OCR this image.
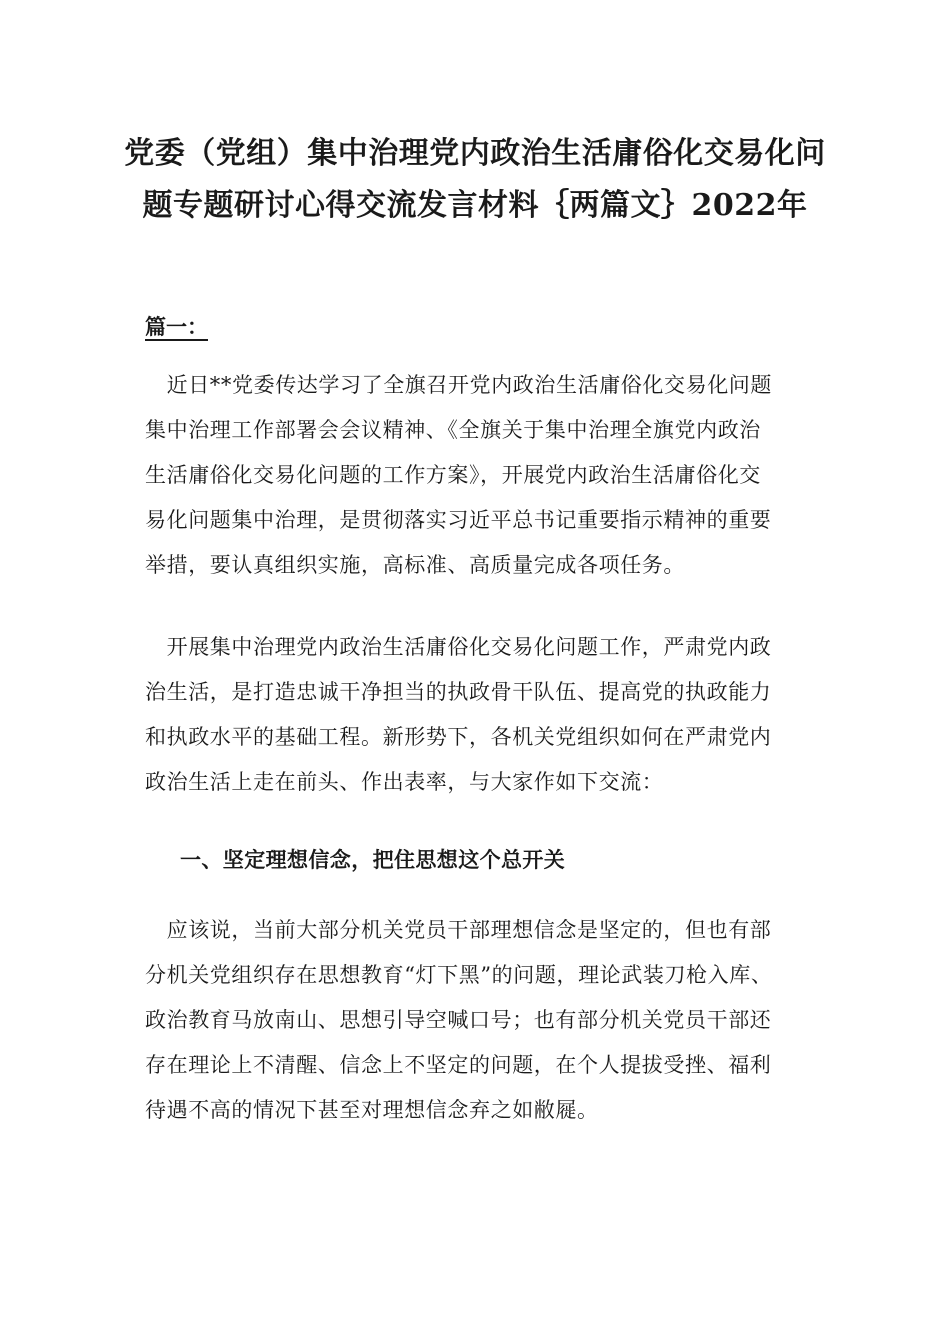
党委（党组）集中治理党内政治生活庸俗化交易化问
题专题研讨心得交流发言材料｛两篇文｝2022年

篇一：

　近日**党委传达学习了全旗召开党内政治生活庸俗化交易化问题
集中治理工作部署会会议精神、《全旗关于集中治理全旗党内政治
生活庸俗化交易化问题的工作方案》，开展党内政治生活庸俗化交
易化问题集中治理，是贯彻落实习近平总书记重要指示精神的重要
举措，要认真组织实施，高标准、高质量完成各项任务。
　开展集中治理党内政治生活庸俗化交易化问题工作，严肃党内政
治生活，是打造忠诚干净担当的执政骨干队伍、提高党的执政能力
和执政水平的基础工程。新形势下，各机关党组织如何在严肃党内
政治生活上走在前头、作出表率，与大家作如下交流：
一、坚定理想信念，把住思想这个总开关
　应该说，当前大部分机关党员干部理想信念是坚定的，但也有部
分机关党组织存在思想教育“灯下黑”的问题，理论武装刀枪入库、
政治教育马放南山、思想引导空喊口号；也有部分机关党员干部还
存在理论上不清醒、信念上不坚定的问题，在个人提拔受挫、福利
待遇不高的情况下甚至对理想信念弃之如敝屣。
